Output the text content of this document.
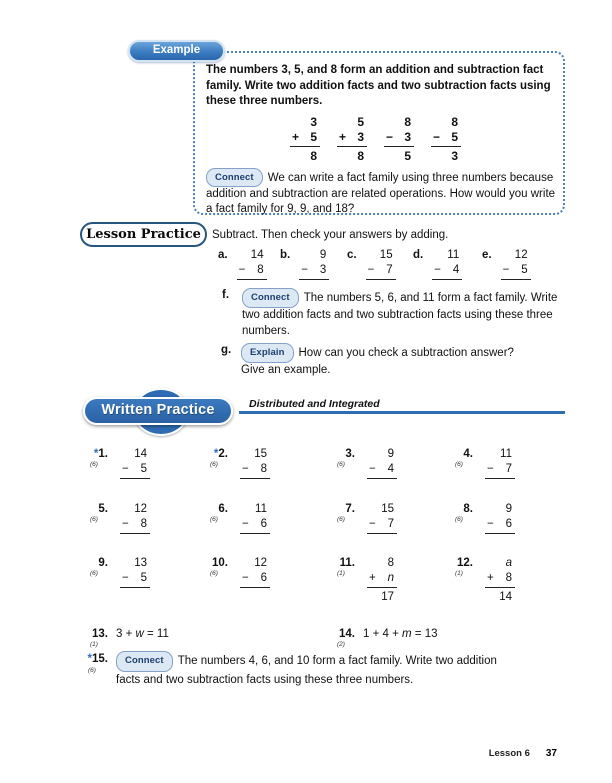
The numbers 3, 5, and 8 form an addition and subtraction fact family. Write two addition facts and two subtraction facts using these three numbers.
3
+ 5
8
5
+ 3
8
8
− 3
5
8
− 5
3
Connect We can write a fact family using three numbers because addition and subtraction are related operations. How would you write a fact family for 9, 9, and 18?
Example
Lesson Practice Subtract. Then check your answers by adding.
a.	14
− 8
b.	9
− 3
c.	15
− 7
d.	11
− 4
e.	12
− 5
f.	Connect The numbers 5, 6, and 11 form a fact family. Write two addition facts and two subtraction facts using these three numbers.
g.	Explain How can you check a subtraction answer?
Give an example.
Written Practice	Distributed and Integrated
*1.
(6)
14
− 5
*2.
(6)
15
− 8
3.
(6)
9
− 4
4.
(6)
11
− 7
5.
(6)
12
− 8
6.
(6)
11
− 6
7.
(6)
15
− 7
8.
(6)
9
− 6
9.
(6)
13
− 5
10.
(6)
12
− 6
11.
(1)
8
+ n
17
12.
(1)
a
+ 8
14
13.
(1)
3 + w = 11	14.
(2)
1 + 4 + m = 13
*15.
(6)
Connect The numbers 4, 6, and 10 form a fact family. Write two addition facts and two subtraction facts using these three numbers.
Lesson 6 37
